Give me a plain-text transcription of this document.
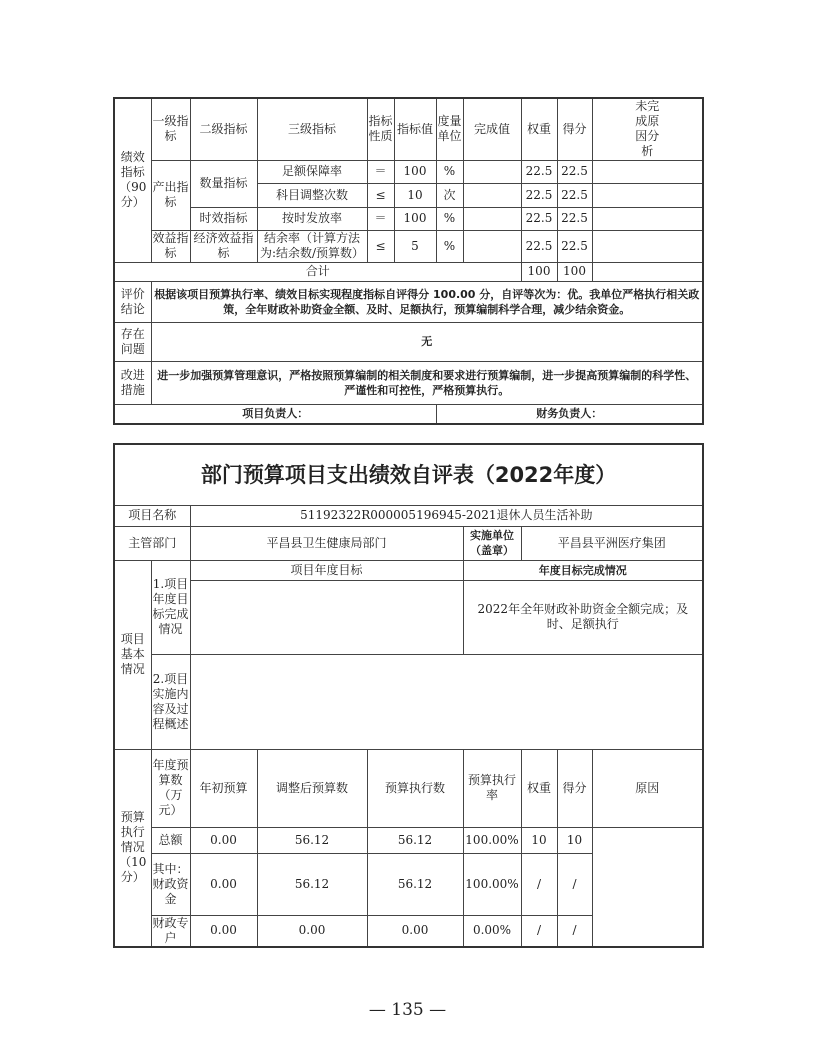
绩效指标（90分）	一级指标	二级指标	三级指标	指标性质	指标值	度量单位	完成值	权重	得分	未完成原因分析
	产出指标	数量指标	足额保障率	＝	100	%		22.5	22.5	
			科目调整次数	≤	10	次		22.5	22.5	
		时效指标	按时发放率	＝	100	%		22.5	22.5	
	效益指标	经济效益指标	结余率（计算方法为:结余数/预算数）	≤	5	%		22.5	22.5	
合计								100	100	
评价结论	根据该项目预算执行率、绩效目标实现程度指标自评得分 100.00 分，自评等次为：优。我单位严格执行相关政策，全年财政补助资金全额、及时、足额执行，预算编制科学合理，减少结余资金。									
存在问题	无									
改进措施	进一步加强预算管理意识，严格按照预算编制的相关制度和要求进行预算编制，进一步提高预算编制的科学性、严谨性和可控性，严格预算执行。									
项目负责人：						财务负责人：				
部门预算项目支出绩效自评表（2022年度）								
项目名称		51192322R000005196945-2021退休人员生活补助						
主管部门		平昌县卫生健康局部门			实施单位（盖章）	平昌县平洲医疗集团		
项目基本情况	1.项目年度目标完成情况	项目年度目标			年度目标完成情况			
					2022年全年财政补助资金全额完成；及时、足额执行			
	2.项目实施内容及过程概述							
预算执行情况（10分）	年度预算数（万元）	年初预算	调整后预算数	预算执行数	预算执行率	权重	得分	原因
	总额	0.00	56.12	56.12	100.00%	10	10	
	其中：财政资金	0.00	56.12	56.12	100.00%	/	/	
	财政专户	0.00	0.00	0.00	0.00%	/	/	
— 135 —
